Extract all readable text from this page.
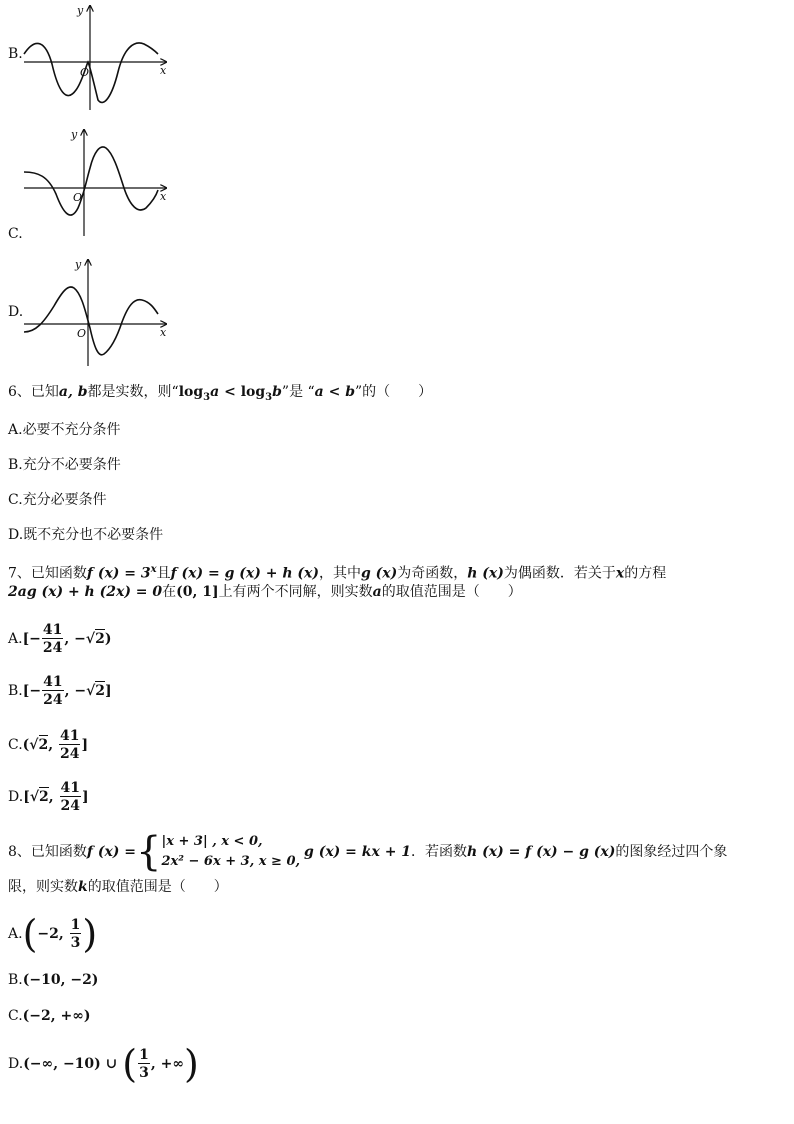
B.
O	x
y
C.
O	x
y
D.
O	x
y
6、已知a, b都是实数，则“$\log_3a < \log_3b$”是 “a < b”的（　　）
A.必要不充分条件
B.充分不必要条件
C.充分必要条件
D.既不充分也不必要条件
7、已知函数f $(x) = 3^x$且f (x) = g (x) + h (x)，其中g (x)为奇函数，h (x)为偶函数．若关于x的方程
2ag (x) + h (2x) = 0在(0, 1]上有两个不同解，则实数a的取值范围是（　　）
$A.[- \frac{41}{24}$ , −√2)
$B.[- \frac{41}{24}$ , −√2]
C.(√2, $\frac{41}{24}$ ]
D.[√2, $\frac{41}{24}$ ]
8、已知函数 f (x) = { |x + 3| , x < 0,
2x² − 6x + 3, x ≥ 0,
g (x) = kx + 1 ．若函数 h (x) = f (x) − g (x) 的图象经过四个象
限，则实数k的取值范围是（　　）
A.(−2, $\frac{1}{3}$ )
B.(−10, −2)
C.(−2, +∞)
D.(−∞, −10) ∪ ( $\frac{1}{3}$ , +∞)
